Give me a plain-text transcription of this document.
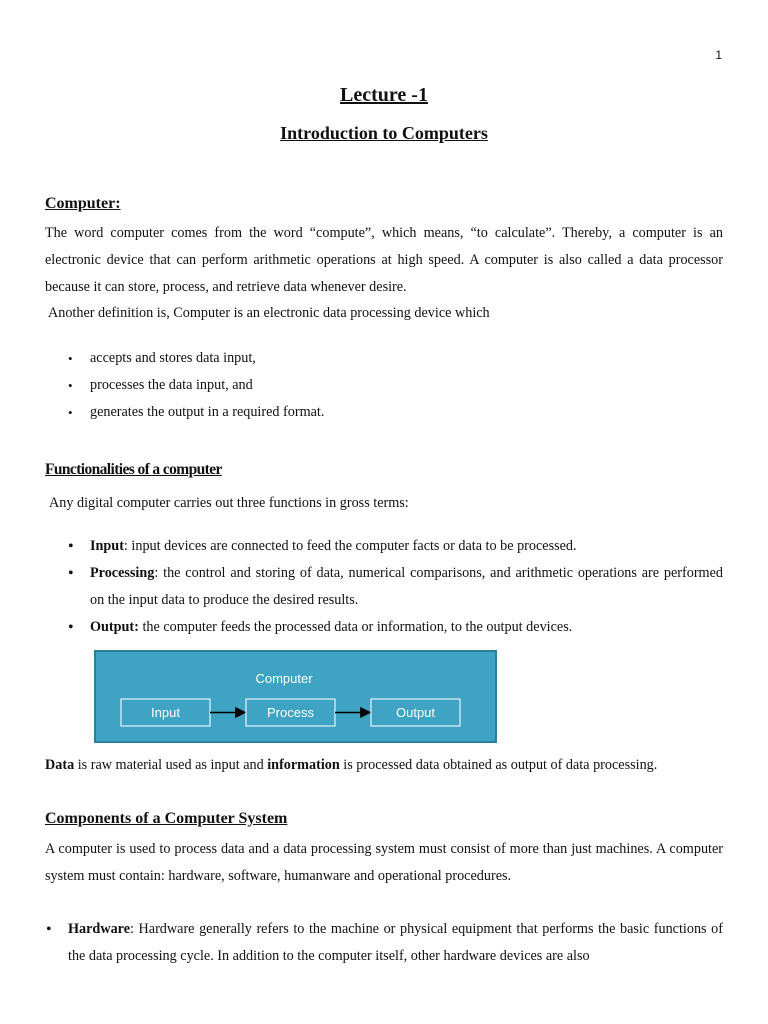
1
Lecture -1
Introduction to Computers
Computer:

The word computer comes from the word “compute”, which means, “to calculate”. Thereby, a computer is an electronic device that can perform arithmetic operations at high speed. A computer is also called a data processor because it can store, process, and retrieve data whenever desire.

Another definition is, Computer is an electronic data processing device which
• accepts and stores data input,
• processes the data input, and
• generates the output in a required format.
Functionalities of a computer
Any digital computer carries out three functions in gross terms:
• Input: input devices are connected to feed the computer facts or data to be processed.
• Processing: the control and storing of data, numerical comparisons, and arithmetic operations are performed on the input data to produce the desired results.
• Output: the computer feeds the processed data or information, to the output devices.
Computer
Input	Process	Output
Data is raw material used as input and information is processed data obtained as output of data processing.
Components of a Computer System

A computer is used to process data and a data processing system must consist of more than just machines. A computer system must contain: hardware, software, humanware and operational procedures.

• Hardware: Hardware generally refers to the machine or physical equipment that performs the basic functions of the data processing cycle. In addition to the computer itself, other hardware devices are also
